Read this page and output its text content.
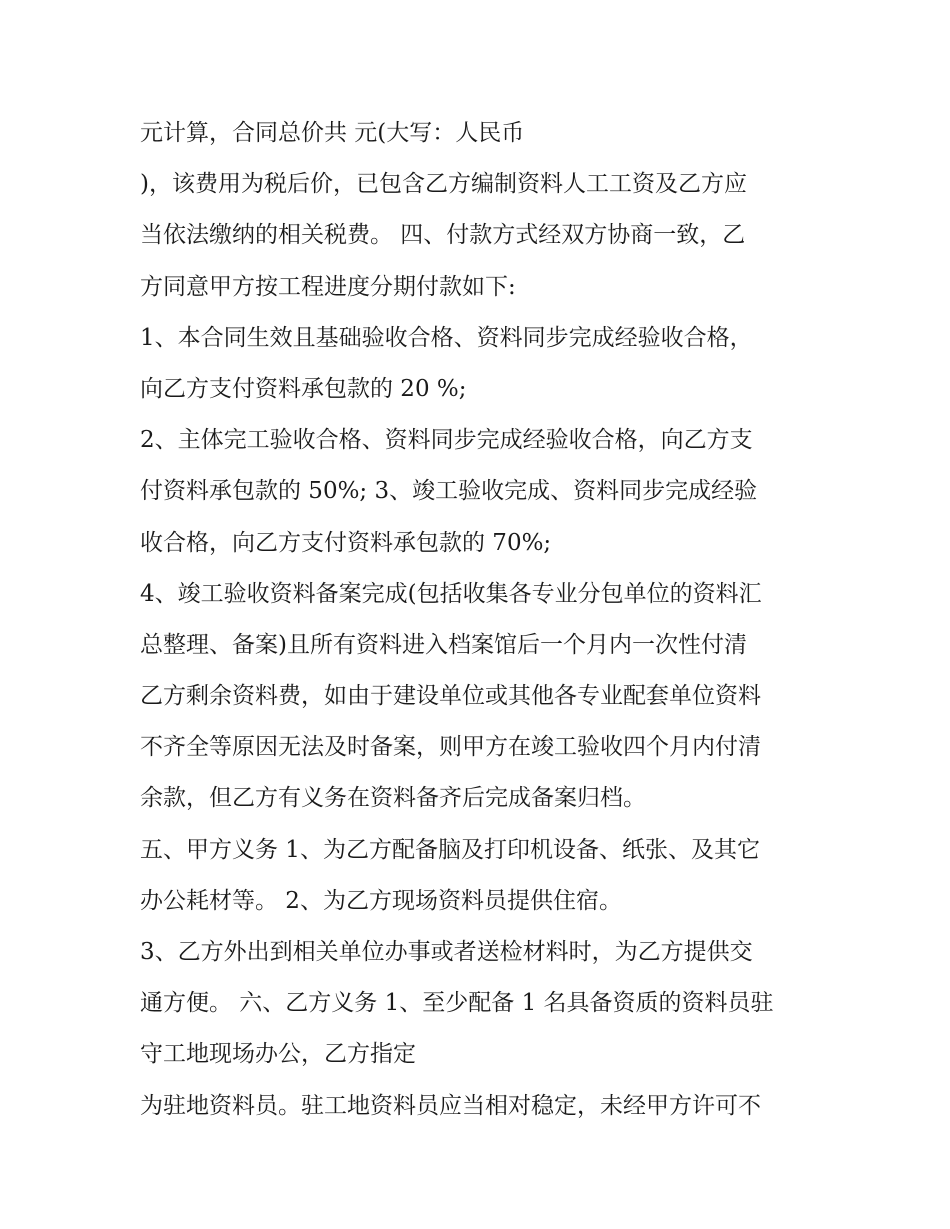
元计算，合同总价共 元(大写：人民币
)，该费用为税后价，已包含乙方编制资料人工工资及乙方应
当依法缴纳的相关税费。 四、付款方式经双方协商一致，乙
方同意甲方按工程进度分期付款如下:
1、本合同生效且基础验收合格、资料同步完成经验收合格，
向乙方支付资料承包款的 20 %;
2、主体完工验收合格、资料同步完成经验收合格，向乙方支
付资料承包款的 50%; 3、竣工验收完成、资料同步完成经验
收合格，向乙方支付资料承包款的 70%;
4、竣工验收资料备案完成(包括收集各专业分包单位的资料汇
总整理、备案)且所有资料进入档案馆后一个月内一次性付清
乙方剩余资料费，如由于建设单位或其他各专业配套单位资料
不齐全等原因无法及时备案，则甲方在竣工验收四个月内付清
余款，但乙方有义务在资料备齐后完成备案归档。
五、甲方义务 1、为乙方配备脑及打印机设备、纸张、及其它
办公耗材等。 2、为乙方现场资料员提供住宿。
3、乙方外出到相关单位办事或者送检材料时，为乙方提供交
通方便。 六、乙方义务 1、至少配备 1 名具备资质的资料员驻
守工地现场办公，乙方指定
为驻地资料员。驻工地资料员应当相对稳定，未经甲方许可不
